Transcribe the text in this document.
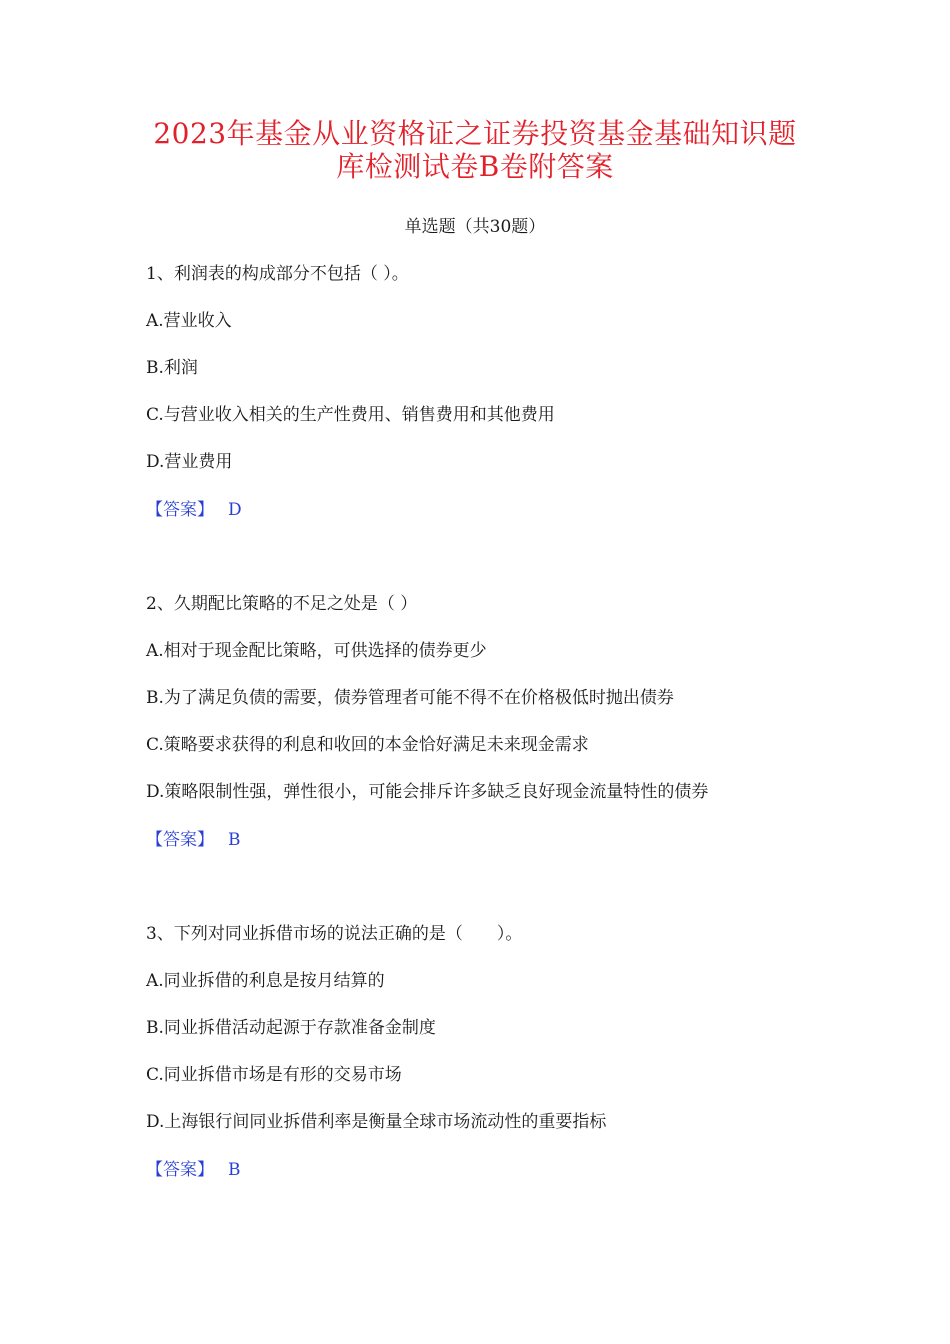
2023年基金从业资格证之证券投资基金基础知识题
库检测试卷B卷附答案
单选题（共30题）
1、利润表的构成部分不包括（ ）。
A.营业收入
B.利润
C.与营业收入相关的生产性费用、销售费用和其他费用
D.营业费用
【答案】 D
2、久期配比策略的不足之处是（ ）
A.相对于现金配比策略，可供选择的债券更少
B.为了满足负债的需要，债券管理者可能不得不在价格极低时抛出债券
C.策略要求获得的利息和收回的本金恰好满足未来现金需求
D.策略限制性强，弹性很小，可能会排斥许多缺乏良好现金流量特性的债券
【答案】 B
3、下列对同业拆借市场的说法正确的是（　　）。
A.同业拆借的利息是按月结算的
B.同业拆借活动起源于存款准备金制度
C.同业拆借市场是有形的交易市场
D.上海银行间同业拆借利率是衡量全球市场流动性的重要指标
【答案】 B
